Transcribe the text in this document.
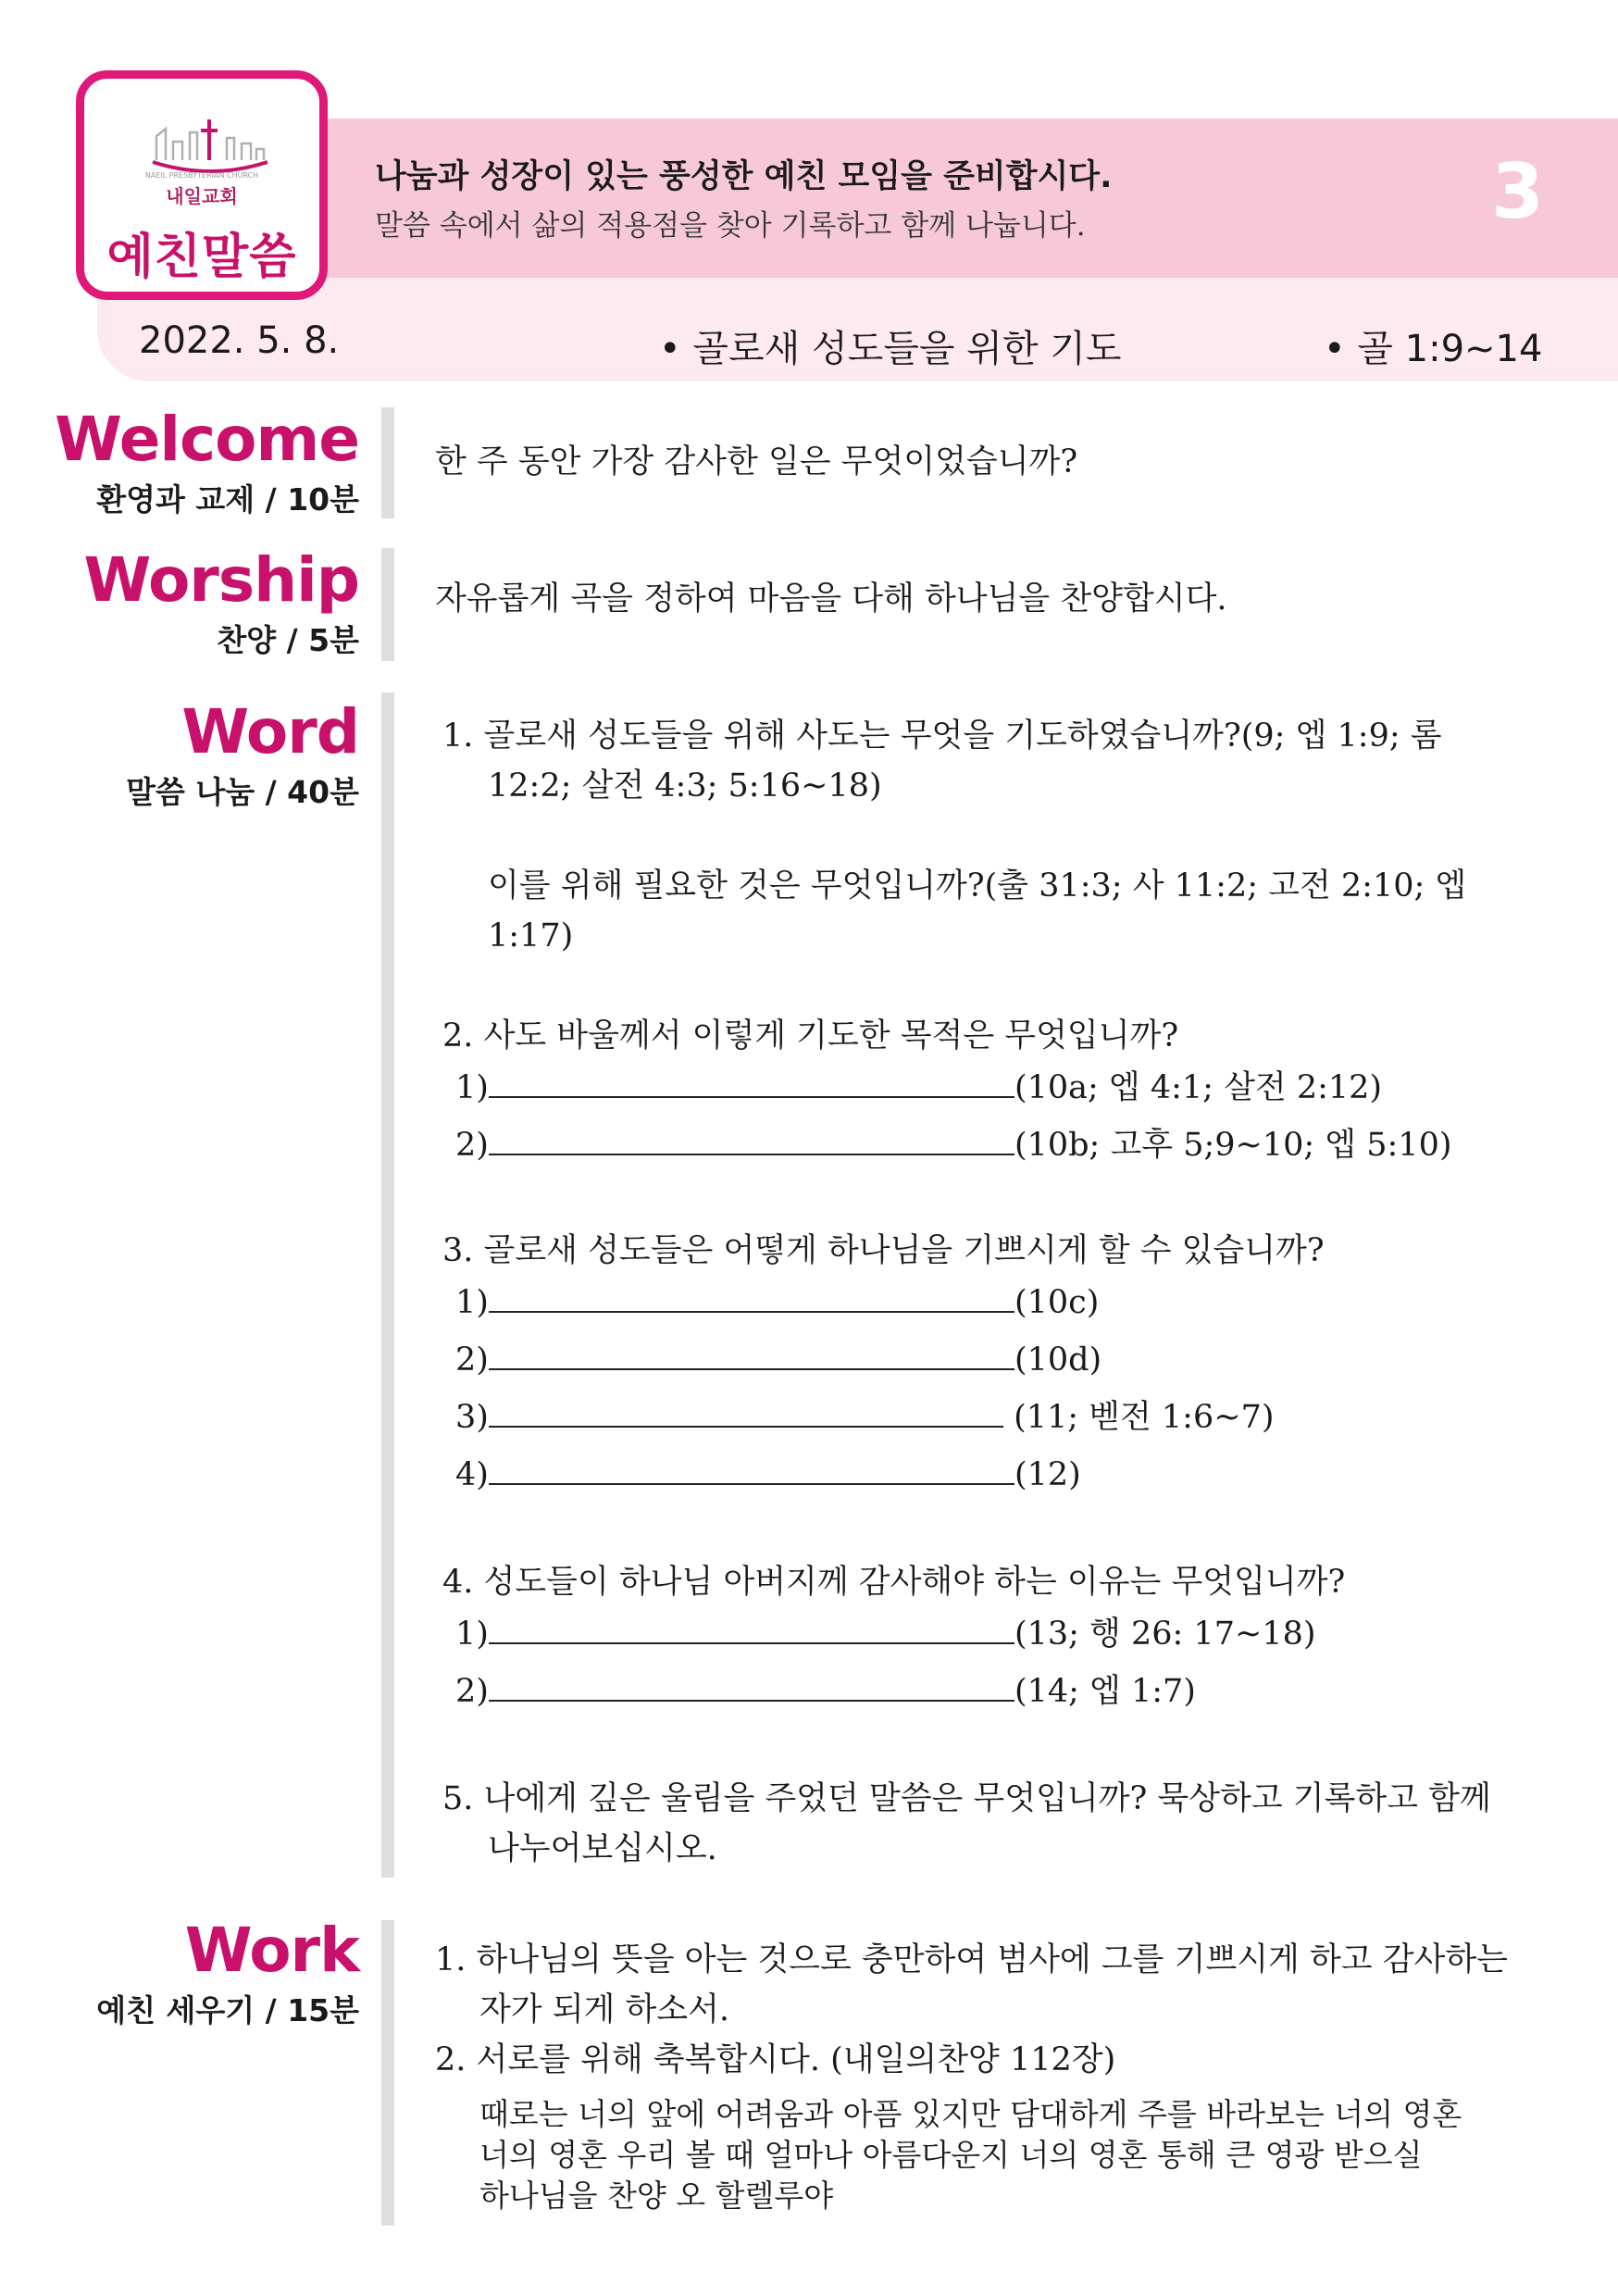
NAEIL PRESBYTERIAN CHURCH
내일교회
예친말씀
나눔과 성장이 있는 풍성한 예친 모임을 준비합시다.
말씀 속에서 삶의 적용점을 찾아 기록하고 함께 나눕니다.	3
2022. 5. 8.	• 골로새 성도들을 위한 기도	• 골 1:9~14
Welcome
환영과 교제 / 10분
한 주 동안 가장 감사한 일은 무엇이었습니까?
Worship
찬양 / 5분
자유롭게 곡을 정하여 마음을 다해 하나님을 찬양합시다.
Word
말씀 나눔 / 40분
1. 골로새 성도들을 위해 사도는 무엇을 기도하였습니까?(9; 엡 1:9; 롬
12:2; 살전 4:3; 5:16~18)
이를 위해 필요한 것은 무엇입니까?(출 31:3; 사 11:2; 고전 2:10; 엡
1:17)
2. 사도 바울께서 이렇게 기도한 목적은 무엇입니까?
1)	(10a; 엡 4:1; 살전 2:12)
2)	(10b; 고후 5;9~10; 엡 5:10)
3. 골로새 성도들은 어떻게 하나님을 기쁘시게 할 수 있습니까?
1)	(10c)
2)	(10d)
3)	(11; 벧전 1:6~7)
4)	(12)
4. 성도들이 하나님 아버지께 감사해야 하는 이유는 무엇입니까?
1)	(13; 행 26: 17~18)
2)	(14; 엡 1:7)
5. 나에게 깊은 울림을 주었던 말씀은 무엇입니까? 묵상하고 기록하고 함께
나누어보십시오.
Work
예친 세우기 / 15분
1. 하나님의 뜻을 아는 것으로 충만하여 범사에 그를 기쁘시게 하고 감사하는
자가 되게 하소서.
2. 서로를 위해 축복합시다. (내일의찬양 112장)
때로는 너의 앞에 어려움과 아픔 있지만 담대하게 주를 바라보는 너의 영혼
너의 영혼 우리 볼 때 얼마나 아름다운지 너의 영혼 통해 큰 영광 받으실
하나님을 찬양 오 할렐루야
